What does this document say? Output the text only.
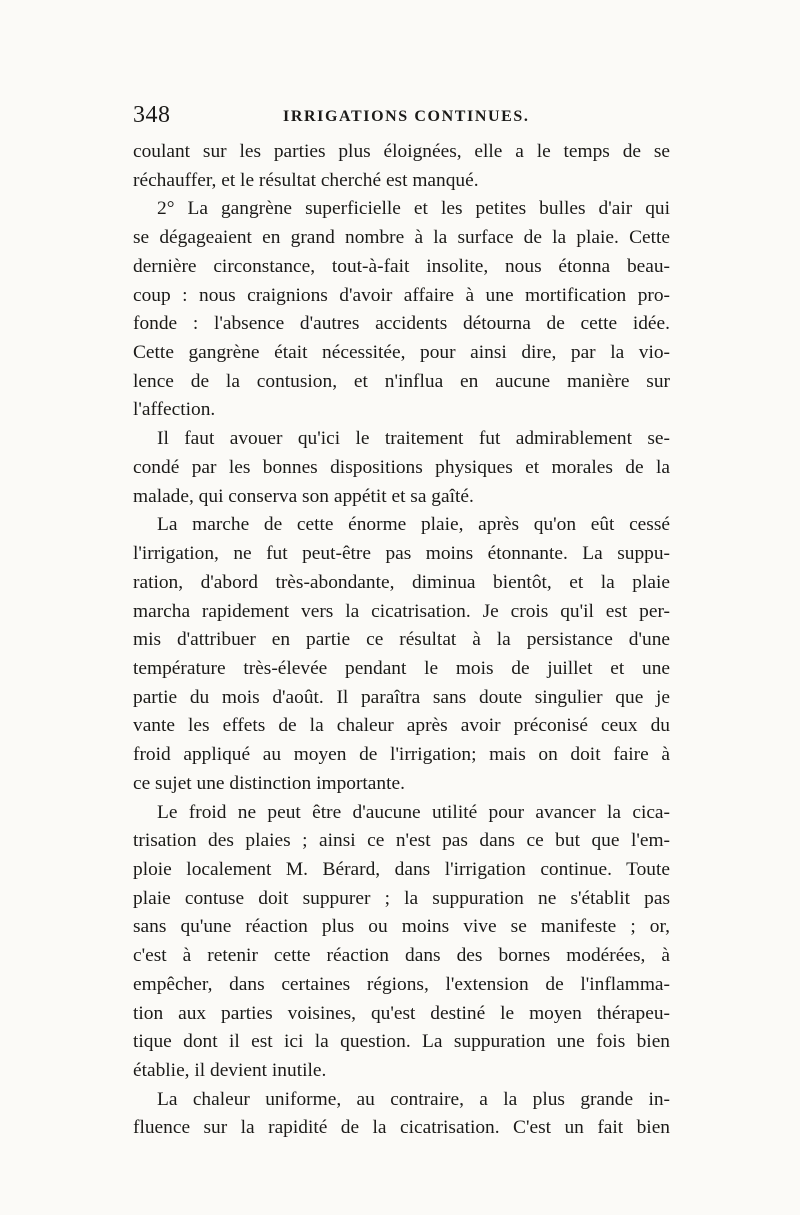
348	IRRIGATIONS CONTINUES.
coulant sur les parties plus éloignées, elle a le temps de se
réchauffer, et le résultat cherché est manqué.
2° La gangrène superficielle et les petites bulles d'air qui
se dégageaient en grand nombre à la surface de la plaie. Cette
dernière circonstance, tout-à-fait insolite, nous étonna beau-
coup : nous craignions d'avoir affaire à une mortification pro-
fonde : l'absence d'autres accidents détourna de cette idée.
Cette gangrène était nécessitée, pour ainsi dire, par la vio-
lence de la contusion, et n'influa en aucune manière sur
l'affection.
Il faut avouer qu'ici le traitement fut admirablement se-
condé par les bonnes dispositions physiques et morales de la
malade, qui conserva son appétit et sa gaîté.
La marche de cette énorme plaie, après qu'on eût cessé
l'irrigation, ne fut peut-être pas moins étonnante. La suppu-
ration, d'abord très-abondante, diminua bientôt, et la plaie
marcha rapidement vers la cicatrisation. Je crois qu'il est per-
mis d'attribuer en partie ce résultat à la persistance d'une
température très-élevée pendant le mois de juillet et une
partie du mois d'août. Il paraîtra sans doute singulier que je
vante les effets de la chaleur après avoir préconisé ceux du
froid appliqué au moyen de l'irrigation; mais on doit faire à
ce sujet une distinction importante.
Le froid ne peut être d'aucune utilité pour avancer la cica-
trisation des plaies ; ainsi ce n'est pas dans ce but que l'em-
ploie localement M. Bérard, dans l'irrigation continue. Toute
plaie contuse doit suppurer ; la suppuration ne s'établit pas
sans qu'une réaction plus ou moins vive se manifeste ; or,
c'est à retenir cette réaction dans des bornes modérées, à
empêcher, dans certaines régions, l'extension de l'inflamma-
tion aux parties voisines, qu'est destiné le moyen thérapeu-
tique dont il est ici la question. La suppuration une fois bien
établie, il devient inutile.
La chaleur uniforme, au contraire, a la plus grande in-
fluence sur la rapidité de la cicatrisation. C'est un fait bien
